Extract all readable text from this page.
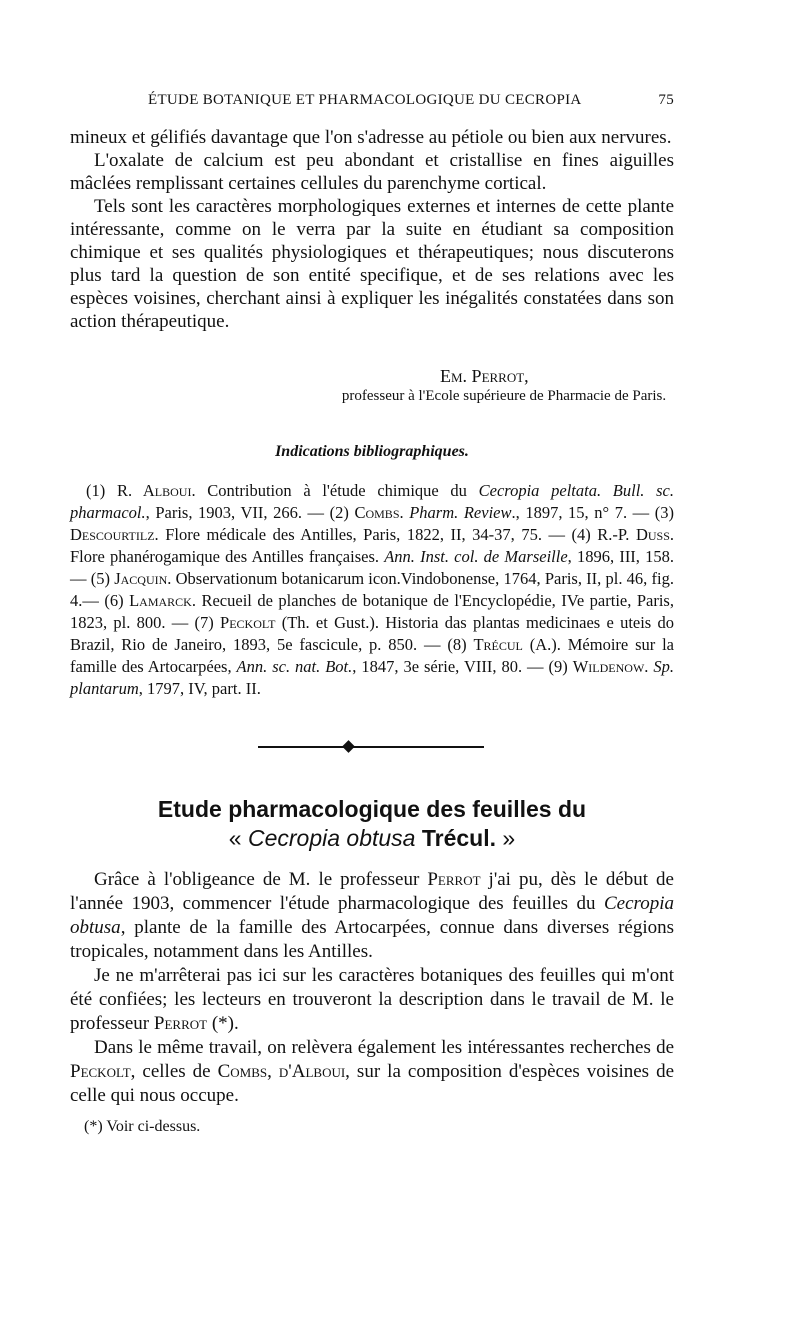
ÉTUDE BOTANIQUE ET PHARMACOLOGIQUE DU CECROPIA	75

mineux et gélifiés davantage que l'on s'adresse au pétiole ou bien aux nervures.

L'oxalate de calcium est peu abondant et cristallise en fines aiguilles mâclées remplissant certaines cellules du parenchyme cortical.

Tels sont les caractères morphologiques externes et internes de cette plante intéressante, comme on le verra par la suite en étudiant sa composition chimique et ses qualités physiologiques et thérapeutiques; nous discuterons plus tard la question de son entité specifique, et de ses relations avec les espèces voisines, cherchant ainsi à expliquer les inégalités constatées dans son action thérapeutique.

Em. Perrot,
professeur à l'Ecole supérieure de Pharmacie de Paris.
Indications bibliographiques.

(1) R. Alboui. Contribution à l'étude chimique du Cecropia peltata. Bull. sc. pharmacol., Paris, 1903, VII, 266. — (2) Combs. Pharm. Review., 1897, 15, n° 7. — (3) Descourtilz. Flore médicale des Antilles, Paris, 1822, II, 34-37, 75. — (4) R.-P. Duss. Flore phanérogamique des Antilles françaises. Ann. Inst. col. de Marseille, 1896, III, 158. — (5) Jacquin. Observationum botanicarum icon.Vindobonense, 1764, Paris, II, pl. 46, fig. 4.— (6) Lamarck. Recueil de planches de botanique de l'Encyclopédie, IVe partie, Paris, 1823, pl. 800. — (7) Peckolt (Th. et Gust.). Historia das plantas medicinaes e uteis do Brazil, Rio de Janeiro, 1893, 5e fascicule, p. 850. — (8) Trécul (A.). Mémoire sur la famille des Artocarpées, Ann. sc. nat. Bot., 1847, 3e série, VIII, 80. — (9) Wildenow. Sp. plantarum, 1797, IV, part. II.

Etude pharmacologique des feuilles du
« Cecropia obtusa Trécul. »

Grâce à l'obligeance de M. le professeur Perrot j'ai pu, dès le début de l'année 1903, commencer l'étude pharmacologique des feuilles du Cecropia obtusa, plante de la famille des Artocarpées, connue dans diverses régions tropicales, notamment dans les Antilles.

Je ne m'arrêterai pas ici sur les caractères botaniques des feuilles qui m'ont été confiées; les lecteurs en trouveront la description dans le travail de M. le professeur Perrot (*).

Dans le même travail, on relèvera également les intéressantes recherches de Peckolt, celles de Combs, d'Alboui, sur la composition d'espèces voisines de celle qui nous occupe.

(*) Voir ci-dessus.
